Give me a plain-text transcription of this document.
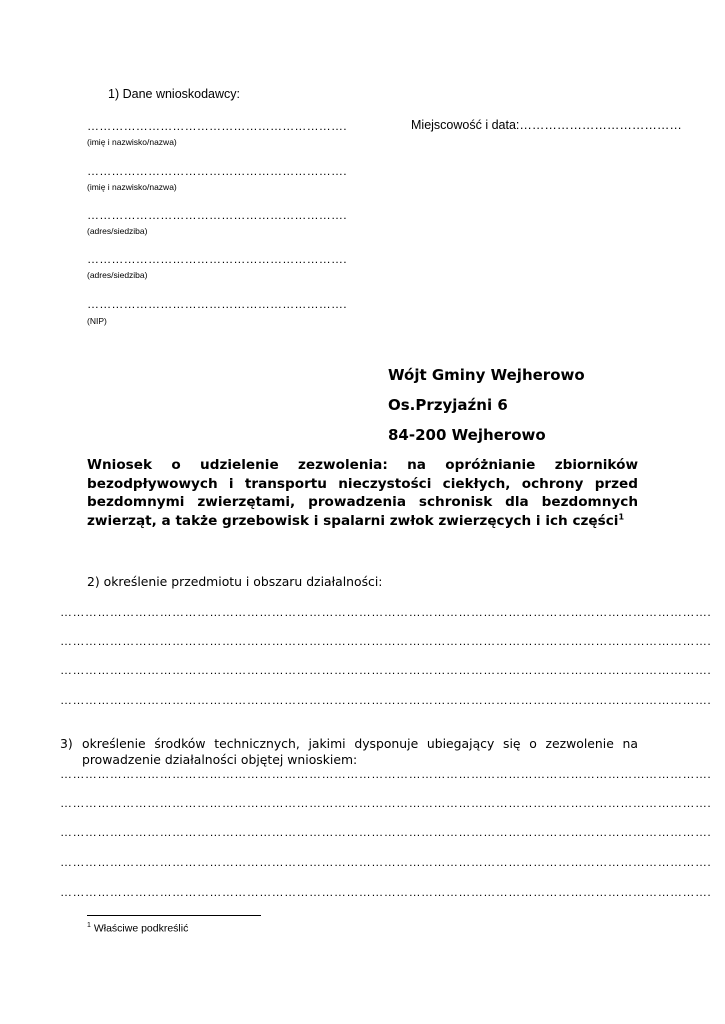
1) Dane wnioskodawcy:
Miejscowość i data:…………………………………
……………………………………………………….
(imię i nazwisko/nazwa)
……………………………………………………….
(imię i nazwisko/nazwa)
……………………………………………………….
(adres/siedziba)
……………………………………………………….
(adres/siedziba)
……………………………………………………….
(NIP)
Wójt Gminy Wejherowo
Os.Przyjaźni 6
84-200 Wejherowo
Wniosek o udzielenie zezwolenia: na opróżnianie zbiorników bezodpływowych i transportu nieczystości ciekłych, ochrony przed bezdomnymi zwierzętami, prowadzenia schronisk dla bezdomnych zwierząt, a także grzebowisk i spalarni zwłok zwierzęcych i ich części$^1$
2) określenie przedmiotu i obszaru działalności:
………………………………………………………………………………………………………………………………………….
………………………………………………………………………………………………………………………………………….
………………………………………………………………………………………………………………………………………….
………………………………………………………………………………………………………………………………………….
3) określenie środków technicznych, jakimi dysponuje ubiegający się o zezwolenie na prowadzenie działalności objętej wnioskiem:
………………………………………………………………………………………………………………………………………….
………………………………………………………………………………………………………………………………………….
………………………………………………………………………………………………………………………………………….
………………………………………………………………………………………………………………………………………….
………………………………………………………………………………………………………………………………………….
$^1$ Właściwe podkreślić
